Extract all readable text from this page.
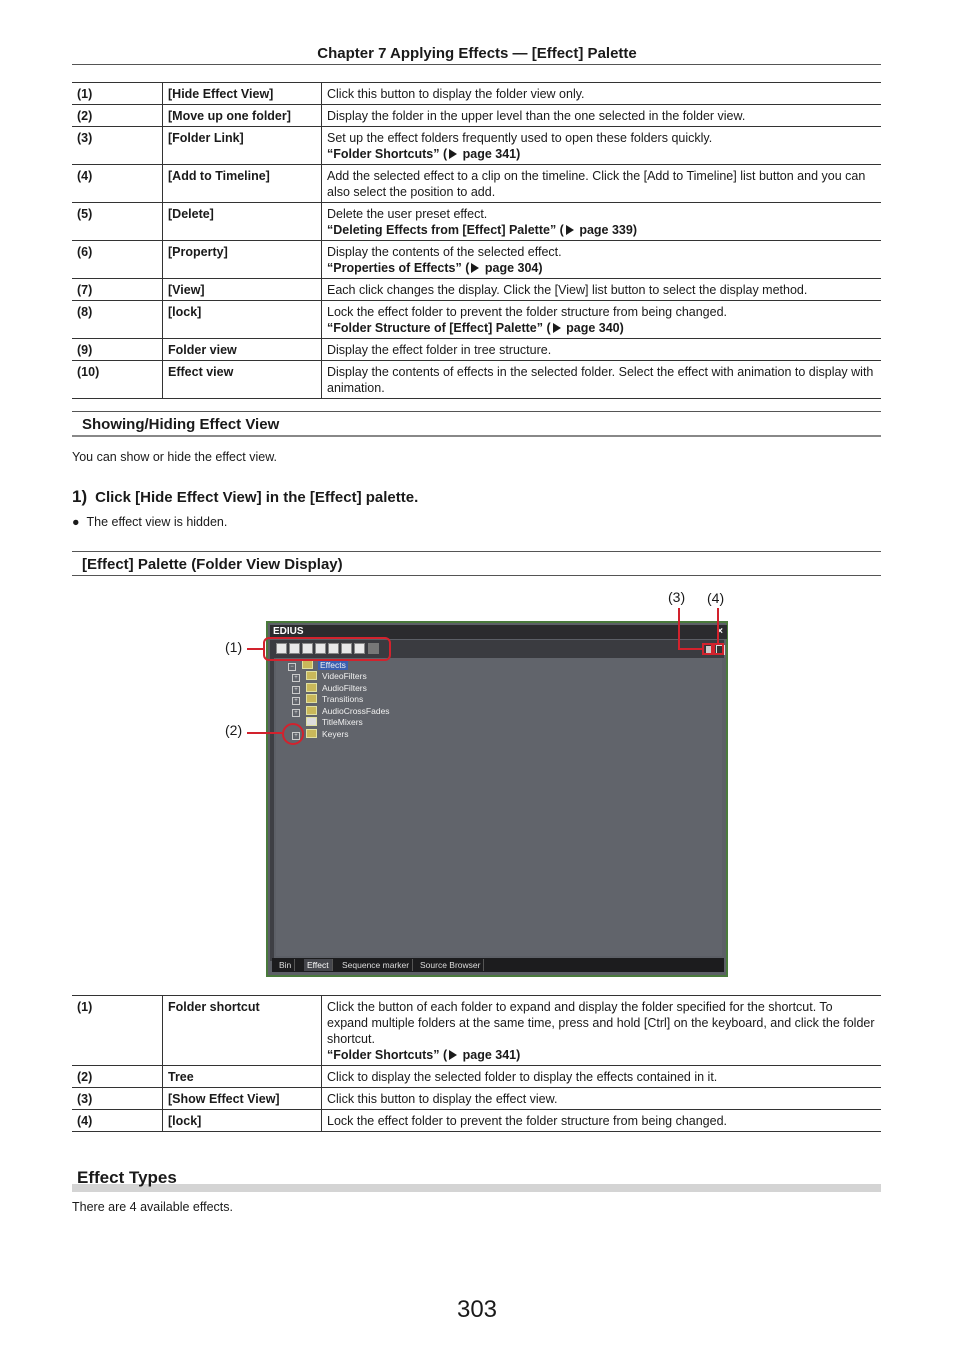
Chapter 7 Applying Effects — [Effect] Palette
(1)	[Hide Effect View]	Click this button to display the folder view only.
(2)	[Move up one folder]	Display the folder in the upper level than the one selected in the folder view.
(3)	[Folder Link]	Set up the effect folders frequently used to open these folders quickly.
“Folder Shortcuts” ( page 341)

(4)	[Add to Timeline]	Add the selected effect to a clip on the timeline. Click the [Add to Timeline] list button and you can also select the position to add.
(5)	[Delete]	Delete the user preset effect.
“Deleting Effects from [Effect] Palette” ( page 339)

(6)	[Property]	Display the contents of the selected effect.
“Properties of Effects” ( page 304)

(7)	[View]	Each click changes the display. Click the [View] list button to select the display method.
(8)	[lock]	Lock the effect folder to prevent the folder structure from being changed.
“Folder Structure of [Effect] Palette” ( page 340)

(9)	Folder view	Display the effect folder in tree structure.
(10)	Effect view	Display the contents of effects in the selected folder. Select the effect with animation to display with animation.
Showing/Hiding Effect View
You can show or hide the effect view.
1) Click [Hide Effect View] in the [Effect] palette.
● The effect view is hidden.
[Effect] Palette (Folder View Display)
EDIUS	×
−	Effects
+	VideoFilters
+	AudioFilters
+	Transitions
+	AudioCrossFades
TitleMixers
+	Keyers
Bin	Effect	Sequence marker	Source Browser
(1)
(2)
(3) (4)
(1)	Folder shortcut	Click the button of each folder to expand and display the folder specified for the shortcut. To expand multiple folders at the same time, press and hold [Ctrl] on the keyboard, and click the folder shortcut.
“Folder Shortcuts” ( page 341)

(2)	Tree	Click to display the selected folder to display the effects contained in it.
(3)	[Show Effect View]	Click this button to display the effect view.
(4)	[lock]	Lock the effect folder to prevent the folder structure from being changed.
Effect Types
There are 4 available effects.
303
